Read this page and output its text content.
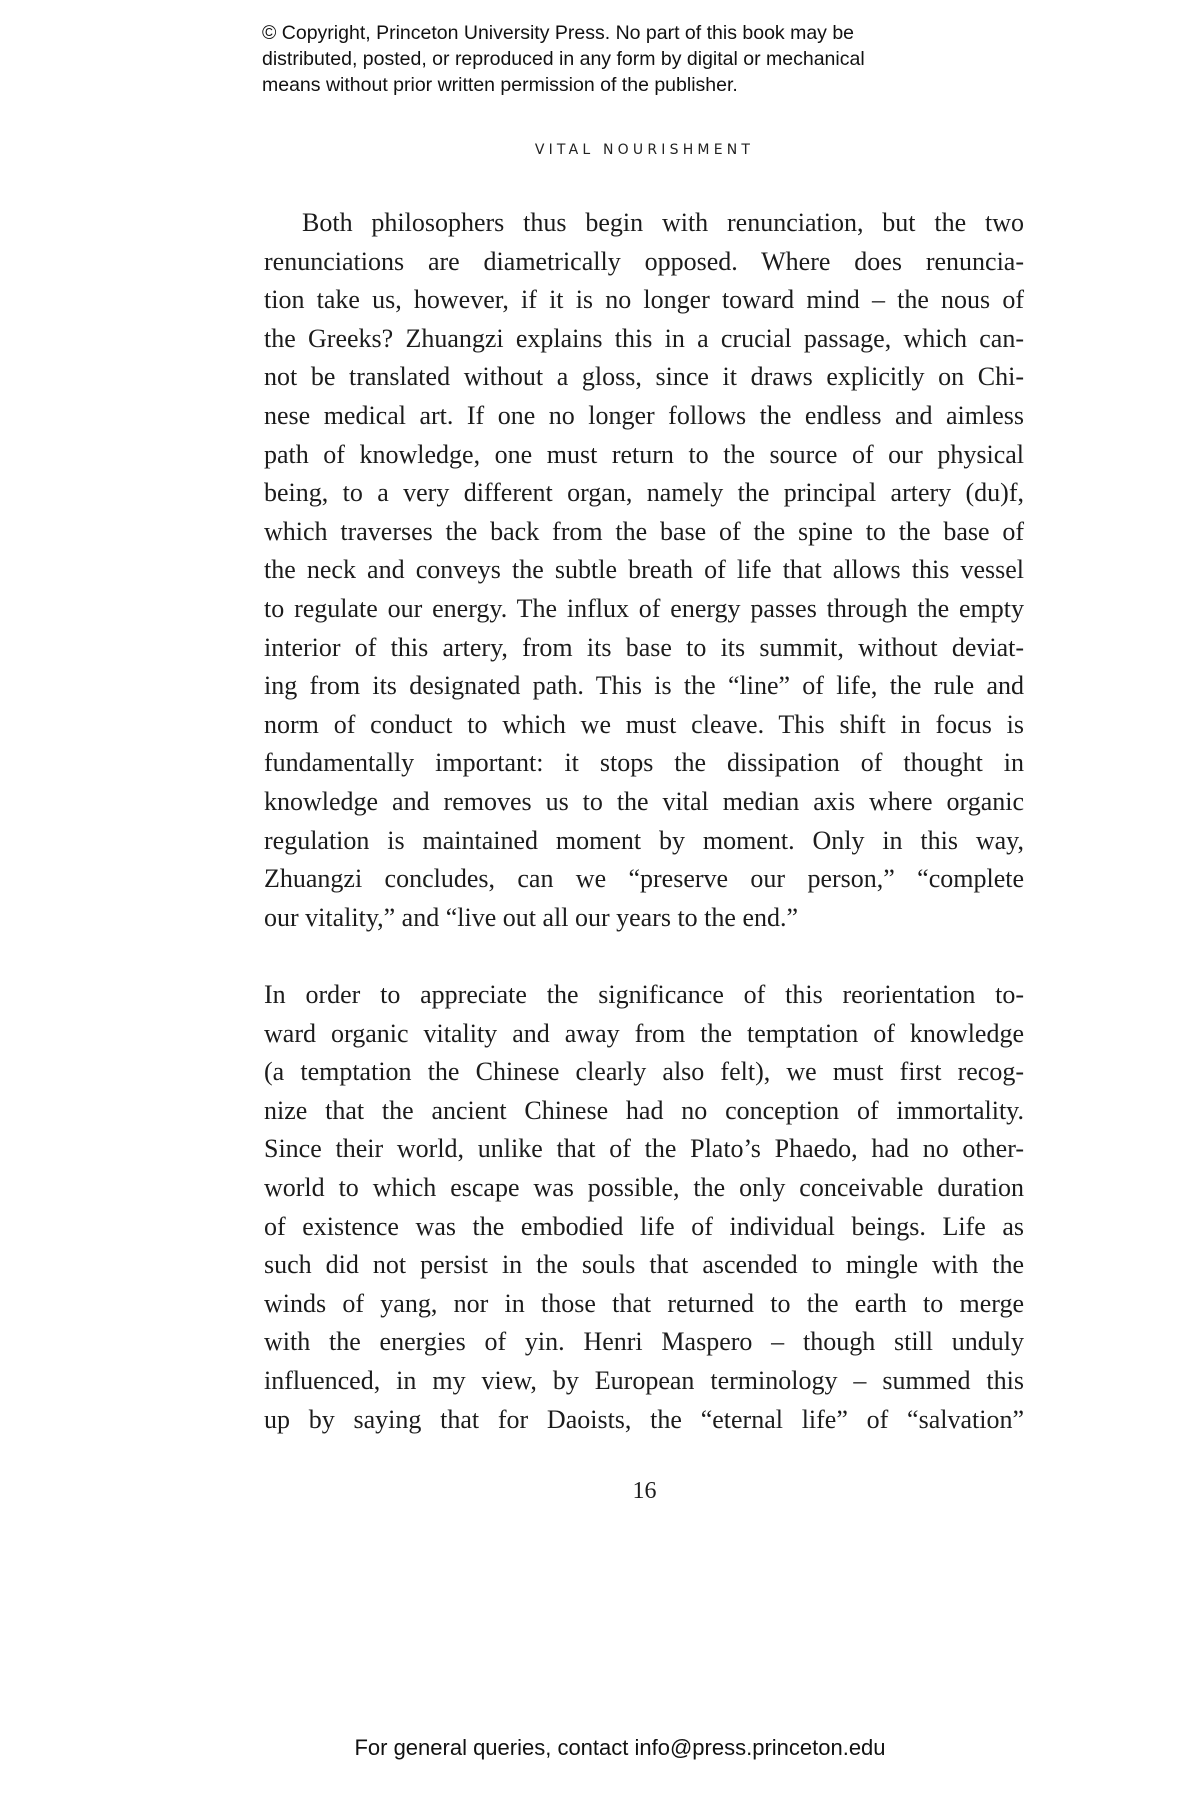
© Copyright, Princeton University Press. No part of this book may be
distributed, posted, or reproduced in any form by digital or mechanical
means without prior written permission of the publisher.
VITAL NOURISHMENT
Both philosophers thus begin with renunciation, but the two
renunciations are diametrically opposed. Where does renuncia-
tion take us, however, if it is no longer toward mind – the nous of
the Greeks? Zhuangzi explains this in a crucial passage, which can-
not be translated without a gloss, since it draws explicitly on Chi-
nese medical art. If one no longer follows the endless and aimless
path of knowledge, one must return to the source of our physical
being, to a very different organ, namely the principal artery (du)f,
which traverses the back from the base of the spine to the base of
the neck and conveys the subtle breath of life that allows this vessel
to regulate our energy. The influx of energy passes through the empty
interior of this artery, from its base to its summit, without deviat-
ing from its designated path. This is the “line” of life, the rule and
norm of conduct to which we must cleave. This shift in focus is
fundamentally important: it stops the dissipation of thought in
knowledge and removes us to the vital median axis where organic
regulation is maintained moment by moment. Only in this way,
Zhuangzi concludes, can we “preserve our person,” “complete
our vitality,” and “live out all our years to the end.”
In order to appreciate the significance of this reorientation to-
ward organic vitality and away from the temptation of knowledge
(a temptation the Chinese clearly also felt), we must first recog-
nize that the ancient Chinese had no conception of immortality.
Since their world, unlike that of the Plato’s Phaedo, had no other-
world to which escape was possible, the only conceivable duration
of existence was the embodied life of individual beings. Life as
such did not persist in the souls that ascended to mingle with the
winds of yang, nor in those that returned to the earth to merge
with the energies of yin. Henri Maspero – though still unduly
influenced, in my view, by European terminology – summed this
up by saying that for Daoists, the “eternal life” of “salvation”
16
For general queries, contact info@press.princeton.edu
